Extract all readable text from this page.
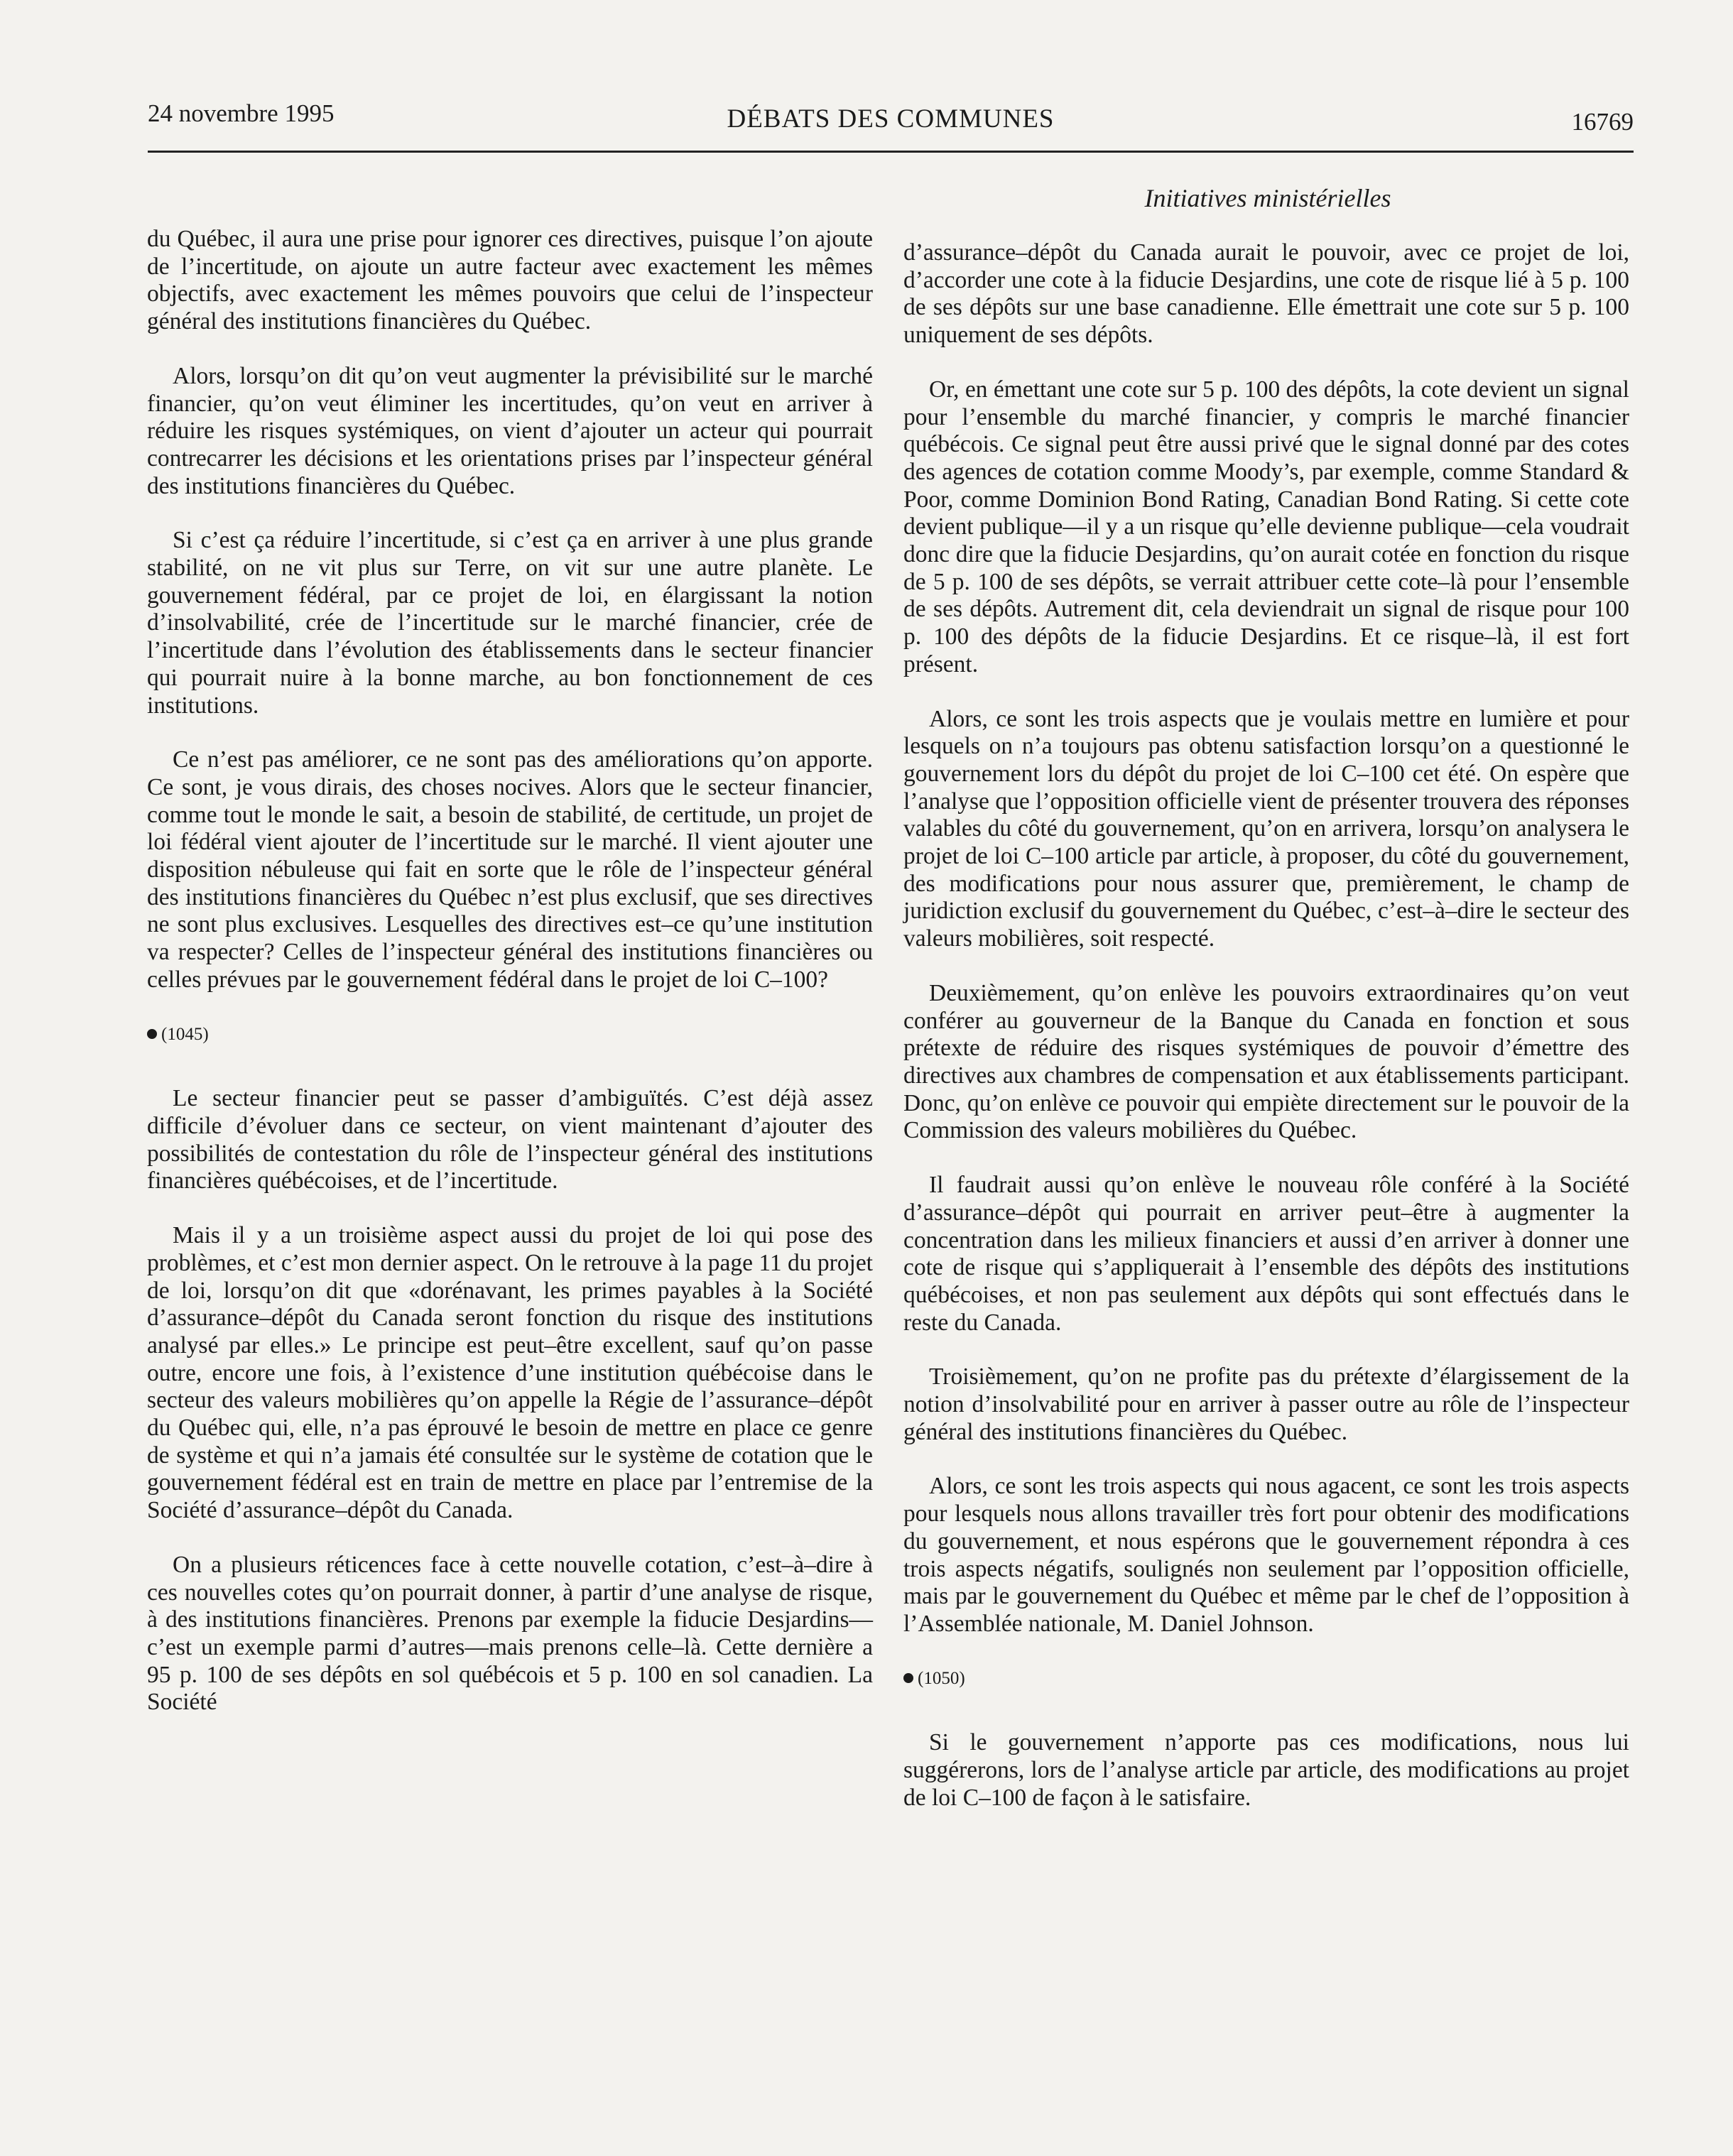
24 novembre 1995	DÉBATS DES COMMUNES	16769
Initiatives ministérielles

du Québec, il aura une prise pour ignorer ces directives, puisque l’on ajoute de l’incertitude, on ajoute un autre facteur avec exactement les mêmes objectifs, avec exactement les mêmes pouvoirs que celui de l’inspecteur général des institutions financières du Québec.

Alors, lorsqu’on dit qu’on veut augmenter la prévisibilité sur le marché financier, qu’on veut éliminer les incertitudes, qu’on veut en arriver à réduire les risques systémiques, on vient d’ajouter un acteur qui pourrait contrecarrer les décisions et les orientations prises par l’inspecteur général des institutions financières du Québec.

Si c’est ça réduire l’incertitude, si c’est ça en arriver à une plus grande stabilité, on ne vit plus sur Terre, on vit sur une autre planète. Le gouvernement fédéral, par ce projet de loi, en élargissant la notion d’insolvabilité, crée de l’incertitude sur le marché financier, crée de l’incertitude dans l’évolution des établissements dans le secteur financier qui pourrait nuire à la bonne marche, au bon fonctionnement de ces institutions.

Ce n’est pas améliorer, ce ne sont pas des améliorations qu’on apporte. Ce sont, je vous dirais, des choses nocives. Alors que le secteur financier, comme tout le monde le sait, a besoin de stabilité, de certitude, un projet de loi fédéral vient ajouter de l’incertitude sur le marché. Il vient ajouter une disposition nébuleuse qui fait en sorte que le rôle de l’inspecteur général des institutions financières du Québec n’est plus exclusif, que ses directives ne sont plus exclusives. Lesquelles des directives est–ce qu’une institution va respecter? Celles de l’inspecteur général des institutions financières ou celles prévues par le gouvernement fédéral dans le projet de loi C–100?

(1045)

Le secteur financier peut se passer d’ambiguïtés. C’est déjà assez difficile d’évoluer dans ce secteur, on vient maintenant d’ajouter des possibilités de contestation du rôle de l’inspecteur général des institutions financières québécoises, et de l’incertitude.

Mais il y a un troisième aspect aussi du projet de loi qui pose des problèmes, et c’est mon dernier aspect. On le retrouve à la page 11 du projet de loi, lorsqu’on dit que «dorénavant, les primes payables à la Société d’assurance–dépôt du Canada seront fonction du risque des institutions analysé par elles.» Le principe est peut–être excellent, sauf qu’on passe outre, encore une fois, à l’existence d’une institution québécoise dans le secteur des valeurs mobilières qu’on appelle la Régie de l’assurance–dépôt du Québec qui, elle, n’a pas éprouvé le besoin de mettre en place ce genre de système et qui n’a jamais été consultée sur le système de cotation que le gouvernement fédéral est en train de mettre en place par l’entremise de la Société d’assurance–dépôt du Canada.

On a plusieurs réticences face à cette nouvelle cotation, c’est–à–dire à ces nouvelles cotes qu’on pourrait donner, à partir d’une analyse de risque, à des institutions financières. Prenons par exemple la fiducie Desjardins—c’est un exemple parmi d’autres—mais prenons celle–là. Cette dernière a 95 p. 100 de ses dépôts en sol québécois et 5 p. 100 en sol canadien. La Société

d’assurance–dépôt du Canada aurait le pouvoir, avec ce projet de loi, d’accorder une cote à la fiducie Desjardins, une cote de risque lié à 5 p. 100 de ses dépôts sur une base canadienne. Elle émettrait une cote sur 5 p. 100 uniquement de ses dépôts.

Or, en émettant une cote sur 5 p. 100 des dépôts, la cote devient un signal pour l’ensemble du marché financier, y compris le marché financier québécois. Ce signal peut être aussi privé que le signal donné par des cotes des agences de cotation comme Moody’s, par exemple, comme Standard & Poor, comme Dominion Bond Rating, Canadian Bond Rating. Si cette cote devient publique—il y a un risque qu’elle devienne publique—cela voudrait donc dire que la fiducie Desjardins, qu’on aurait cotée en fonction du risque de 5 p. 100 de ses dépôts, se verrait attribuer cette cote–là pour l’ensemble de ses dépôts. Autrement dit, cela deviendrait un signal de risque pour 100 p. 100 des dépôts de la fiducie Desjardins. Et ce risque–là, il est fort présent.

Alors, ce sont les trois aspects que je voulais mettre en lumière et pour lesquels on n’a toujours pas obtenu satisfaction lorsqu’on a questionné le gouvernement lors du dépôt du projet de loi C–100 cet été. On espère que l’analyse que l’opposition officielle vient de présenter trouvera des réponses valables du côté du gouvernement, qu’on en arrivera, lorsqu’on analysera le projet de loi C–100 article par article, à proposer, du côté du gouvernement, des modifications pour nous assurer que, premièrement, le champ de juridiction exclusif du gouvernement du Québec, c’est–à–dire le secteur des valeurs mobilières, soit respecté.

Deuxièmement, qu’on enlève les pouvoirs extraordinaires qu’on veut conférer au gouverneur de la Banque du Canada en fonction et sous prétexte de réduire des risques systémiques de pouvoir d’émettre des directives aux chambres de compensation et aux établissements participant. Donc, qu’on enlève ce pouvoir qui empiète directement sur le pouvoir de la Commission des valeurs mobilières du Québec.

Il faudrait aussi qu’on enlève le nouveau rôle conféré à la Société d’assurance–dépôt qui pourrait en arriver peut–être à augmenter la concentration dans les milieux financiers et aussi d’en arriver à donner une cote de risque qui s’appliquerait à l’ensemble des dépôts des institutions québécoises, et non pas seulement aux dépôts qui sont effectués dans le reste du Canada.

Troisièmement, qu’on ne profite pas du prétexte d’élargissement de la notion d’insolvabilité pour en arriver à passer outre au rôle de l’inspecteur général des institutions financières du Québec.

Alors, ce sont les trois aspects qui nous agacent, ce sont les trois aspects pour lesquels nous allons travailler très fort pour obtenir des modifications du gouvernement, et nous espérons que le gouvernement répondra à ces trois aspects négatifs, soulignés non seulement par l’opposition officielle, mais par le gouvernement du Québec et même par le chef de l’opposition à l’Assemblée nationale, M. Daniel Johnson.

(1050)

Si le gouvernement n’apporte pas ces modifications, nous lui suggérerons, lors de l’analyse article par article, des modifications au projet de loi C–100 de façon à le satisfaire.
